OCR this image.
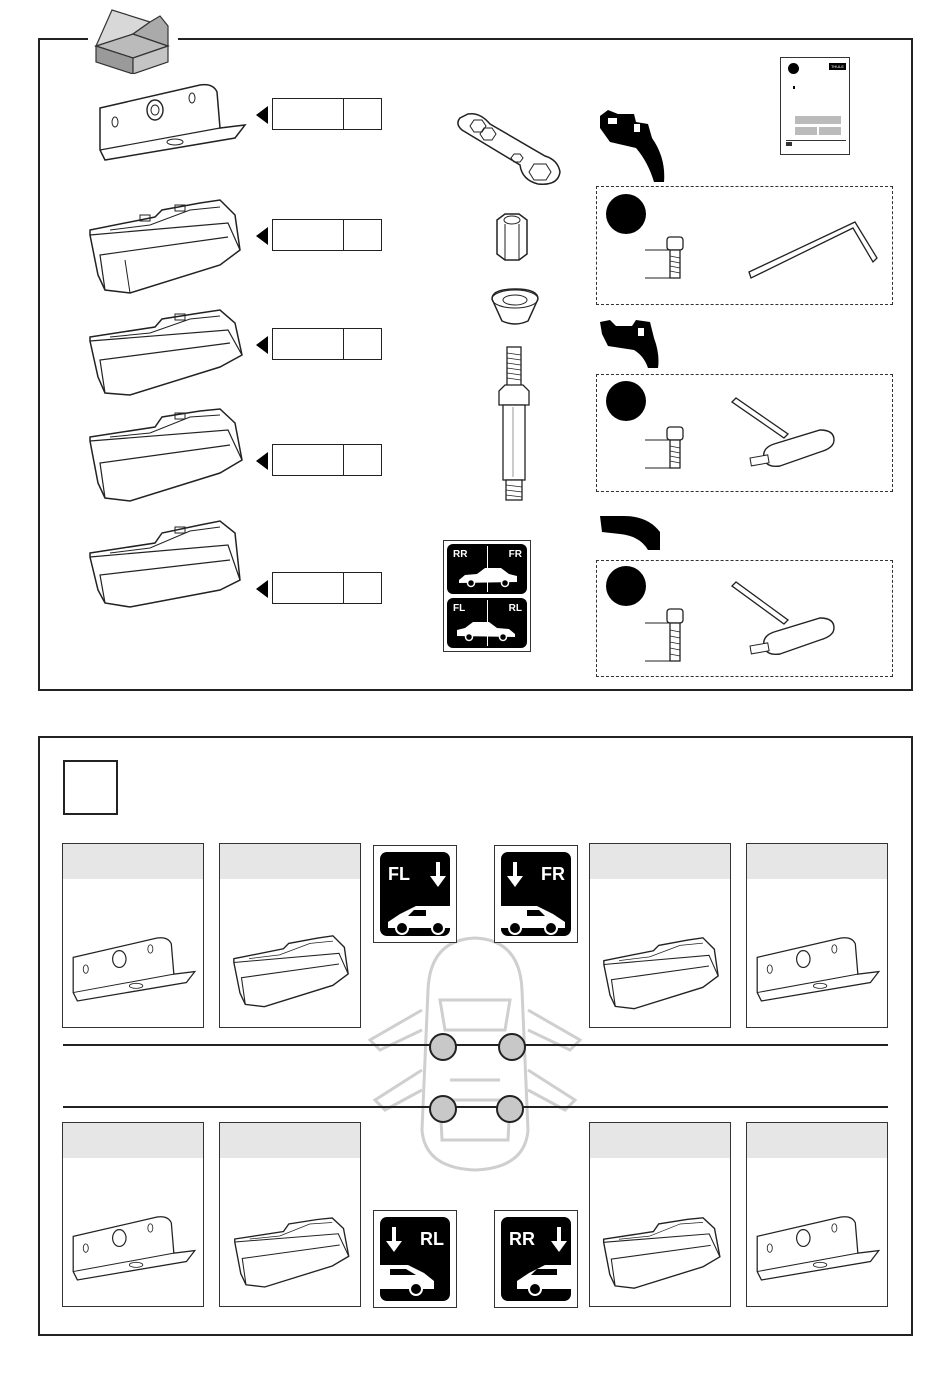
RR	FR
FL	RL
THULE
FL	FR
RL	RR
